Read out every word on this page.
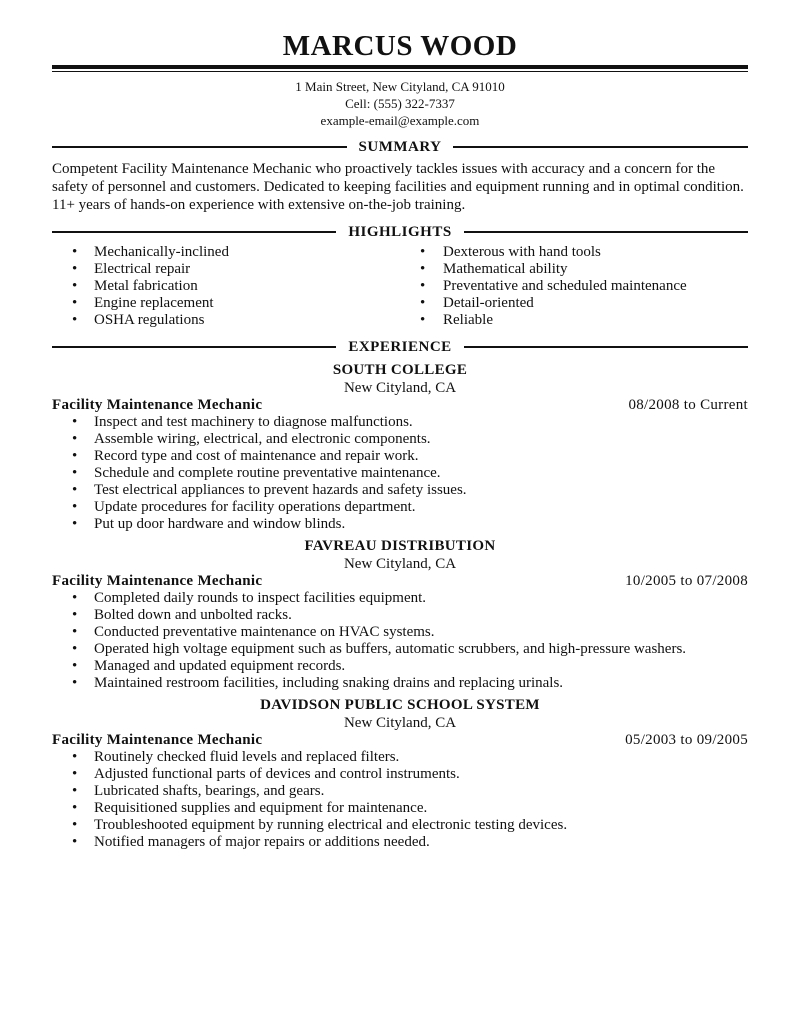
MARCUS WOOD
1 Main Street, New Cityland, CA 91010
Cell: (555) 322-7337
example-email@example.com
SUMMARY
Competent Facility Maintenance Mechanic who proactively tackles issues with accuracy and a concern for the safety of personnel and customers. Dedicated to keeping facilities and equipment running and in optimal condition. 11+ years of hands-on experience with extensive on-the-job training.
HIGHLIGHTS
• Mechanically-inclined
• Electrical repair
• Metal fabrication
• Engine replacement
• OSHA regulations
• Dexterous with hand tools
• Mathematical ability
• Preventative and scheduled maintenance
• Detail-oriented
• Reliable
EXPERIENCE
SOUTH COLLEGE
New Cityland, CA
Facility Maintenance Mechanic	08/2008 to Current
• Inspect and test machinery to diagnose malfunctions.
• Assemble wiring, electrical, and electronic components.
• Record type and cost of maintenance and repair work.
• Schedule and complete routine preventative maintenance.
• Test electrical appliances to prevent hazards and safety issues.
• Update procedures for facility operations department.
• Put up door hardware and window blinds.
FAVREAU DISTRIBUTION
New Cityland, CA
Facility Maintenance Mechanic	10/2005 to 07/2008
• Completed daily rounds to inspect facilities equipment.
• Bolted down and unbolted racks.
• Conducted preventative maintenance on HVAC systems.
• Operated high voltage equipment such as buffers, automatic scrubbers, and high-pressure washers.
• Managed and updated equipment records.
• Maintained restroom facilities, including snaking drains and replacing urinals.
DAVIDSON PUBLIC SCHOOL SYSTEM
New Cityland, CA
Facility Maintenance Mechanic	05/2003 to 09/2005
• Routinely checked fluid levels and replaced filters.
• Adjusted functional parts of devices and control instruments.
• Lubricated shafts, bearings, and gears.
• Requisitioned supplies and equipment for maintenance.
• Troubleshooted equipment by running electrical and electronic testing devices.
• Notified managers of major repairs or additions needed.
